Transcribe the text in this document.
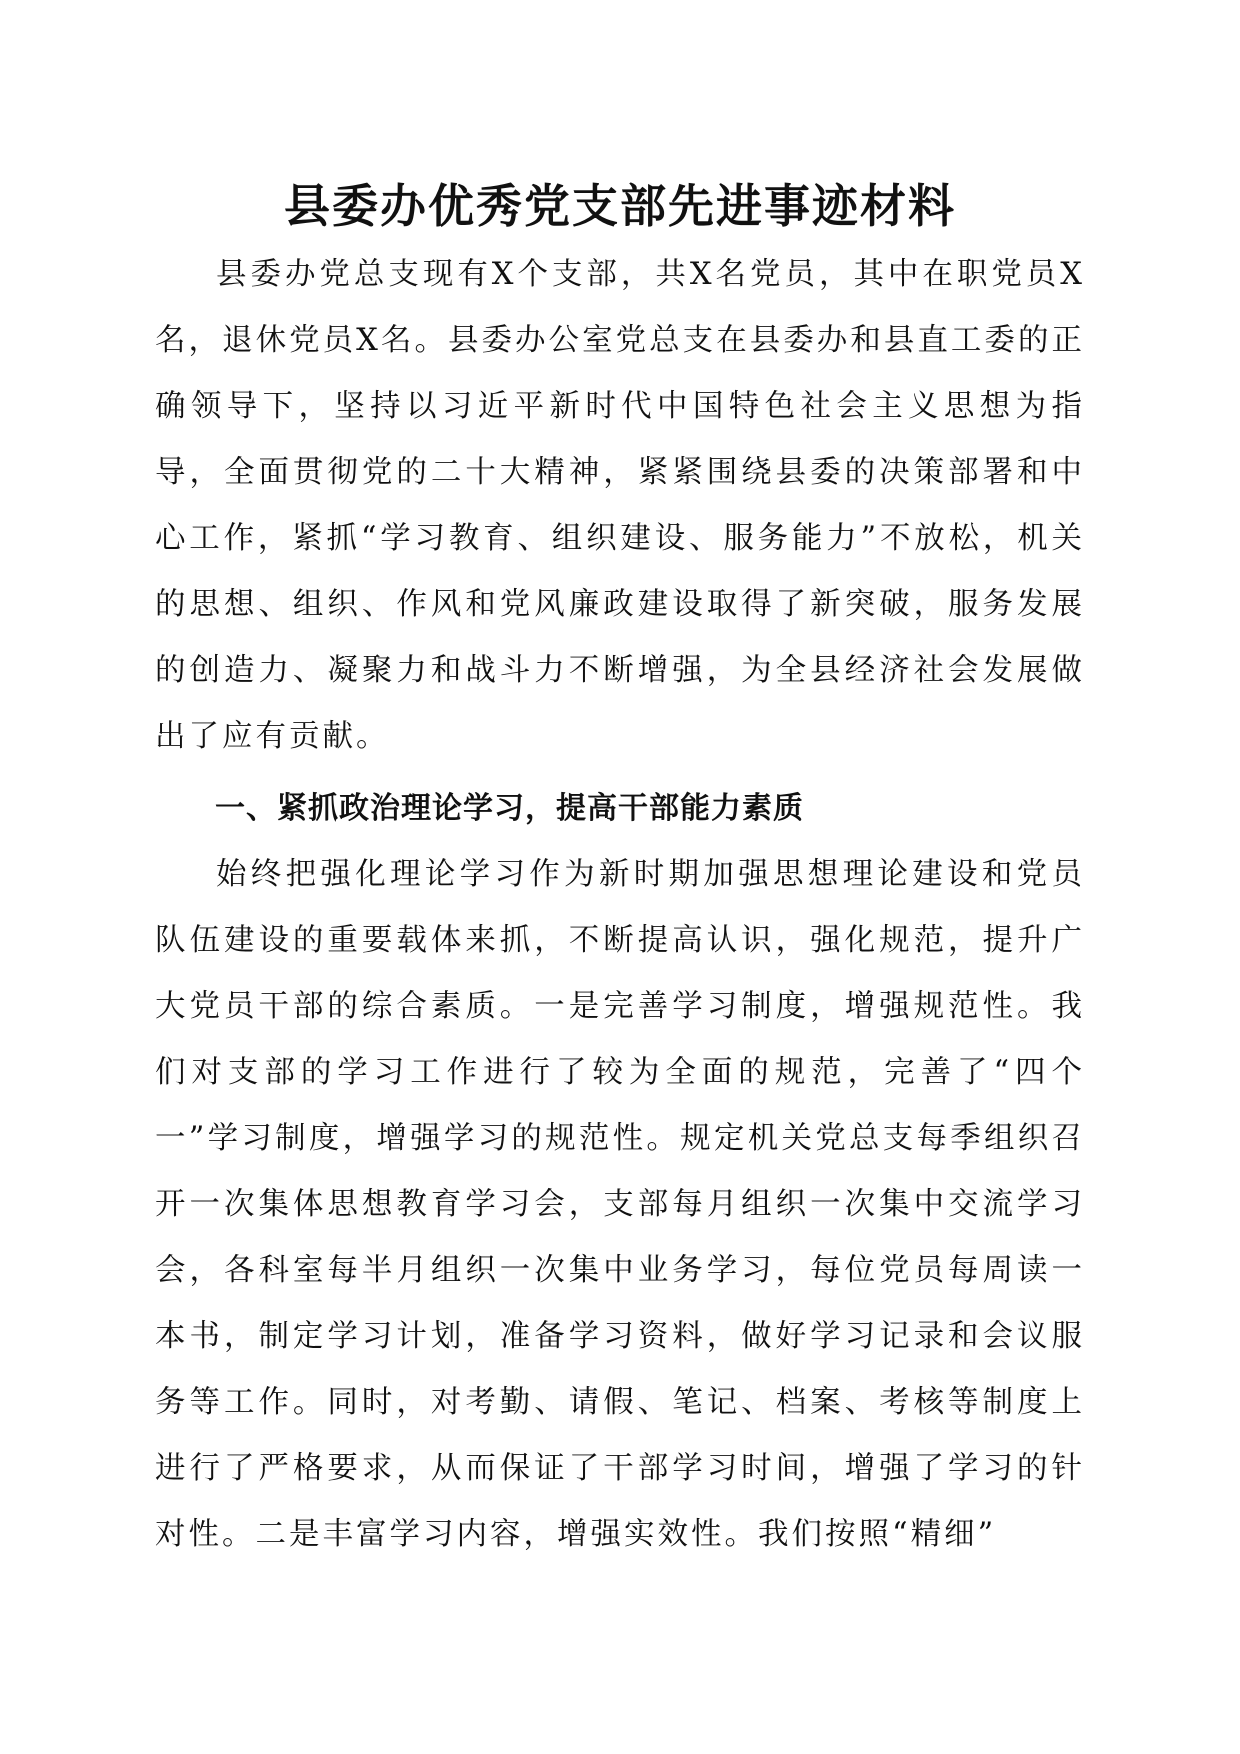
县委办优秀党支部先进事迹材料

县委办党总支现有X个支部，共X名党员，其中在职党员X名，退休党员X名。县委办公室党总支在县委办和县直工委的正确领导下，坚持以习近平新时代中国特色社会主义思想为指导，全面贯彻党的二十大精神，紧紧围绕县委的决策部署和中心工作，紧抓“学习教育、组织建设、服务能力”不放松，机关的思想、组织、作风和党风廉政建设取得了新突破，服务发展的创造力、凝聚力和战斗力不断增强，为全县经济社会发展做出了应有贡献。

一、紧抓政治理论学习，提高干部能力素质

始终把强化理论学习作为新时期加强思想理论建设和党员队伍建设的重要载体来抓，不断提高认识，强化规范，提升广大党员干部的综合素质。一是完善学习制度，增强规范性。我们对支部的学习工作进行了较为全面的规范，完善了“四个一”学习制度，增强学习的规范性。规定机关党总支每季组织召开一次集体思想教育学习会，支部每月组织一次集中交流学习会，各科室每半月组织一次集中业务学习，每位党员每周读一本书，制定学习计划，准备学习资料，做好学习记录和会议服务等工作。同时，对考勤、请假、笔记、档案、考核等制度上进行了严格要求，从而保证了干部学习时间，增强了学习的针对性。二是丰富学习内容，增强实效性。我们按照“精细”
